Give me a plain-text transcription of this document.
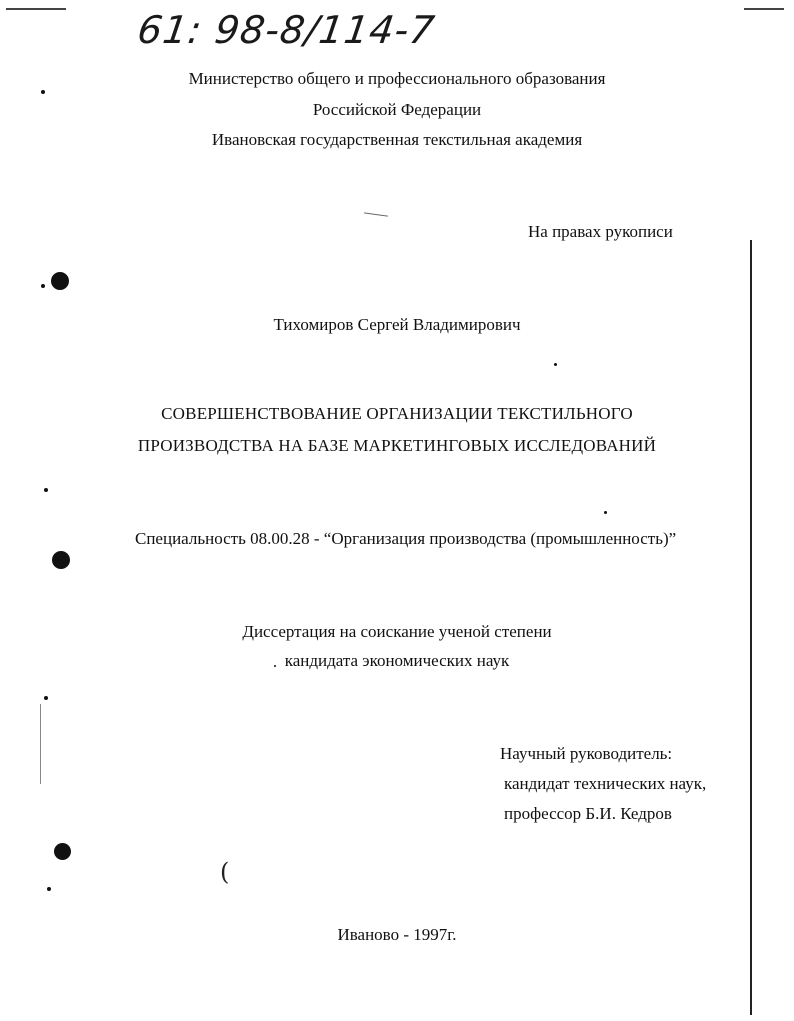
61: 98-8/114-7
Министерство общего и профессионального образования
Российской Федерации
Ивановская государственная текстильная академия
На правах рукописи
Тихомиров Сергей Владимирович
СОВЕРШЕНСТВОВАНИЕ ОРГАНИЗАЦИИ ТЕКСТИЛЬНОГО
ПРОИЗВОДСТВА НА БАЗЕ МАРКЕТИНГОВЫХ ИССЛЕДОВАНИЙ
Специальность 08.00.28 - “Организация производства (промышленность)”
Диссертация на соискание ученой степени
кандидата экономических наук
Научный руководитель:
кандидат технических наук,
профессор Б.И. Кедров
Иваново - 1997г.
(
